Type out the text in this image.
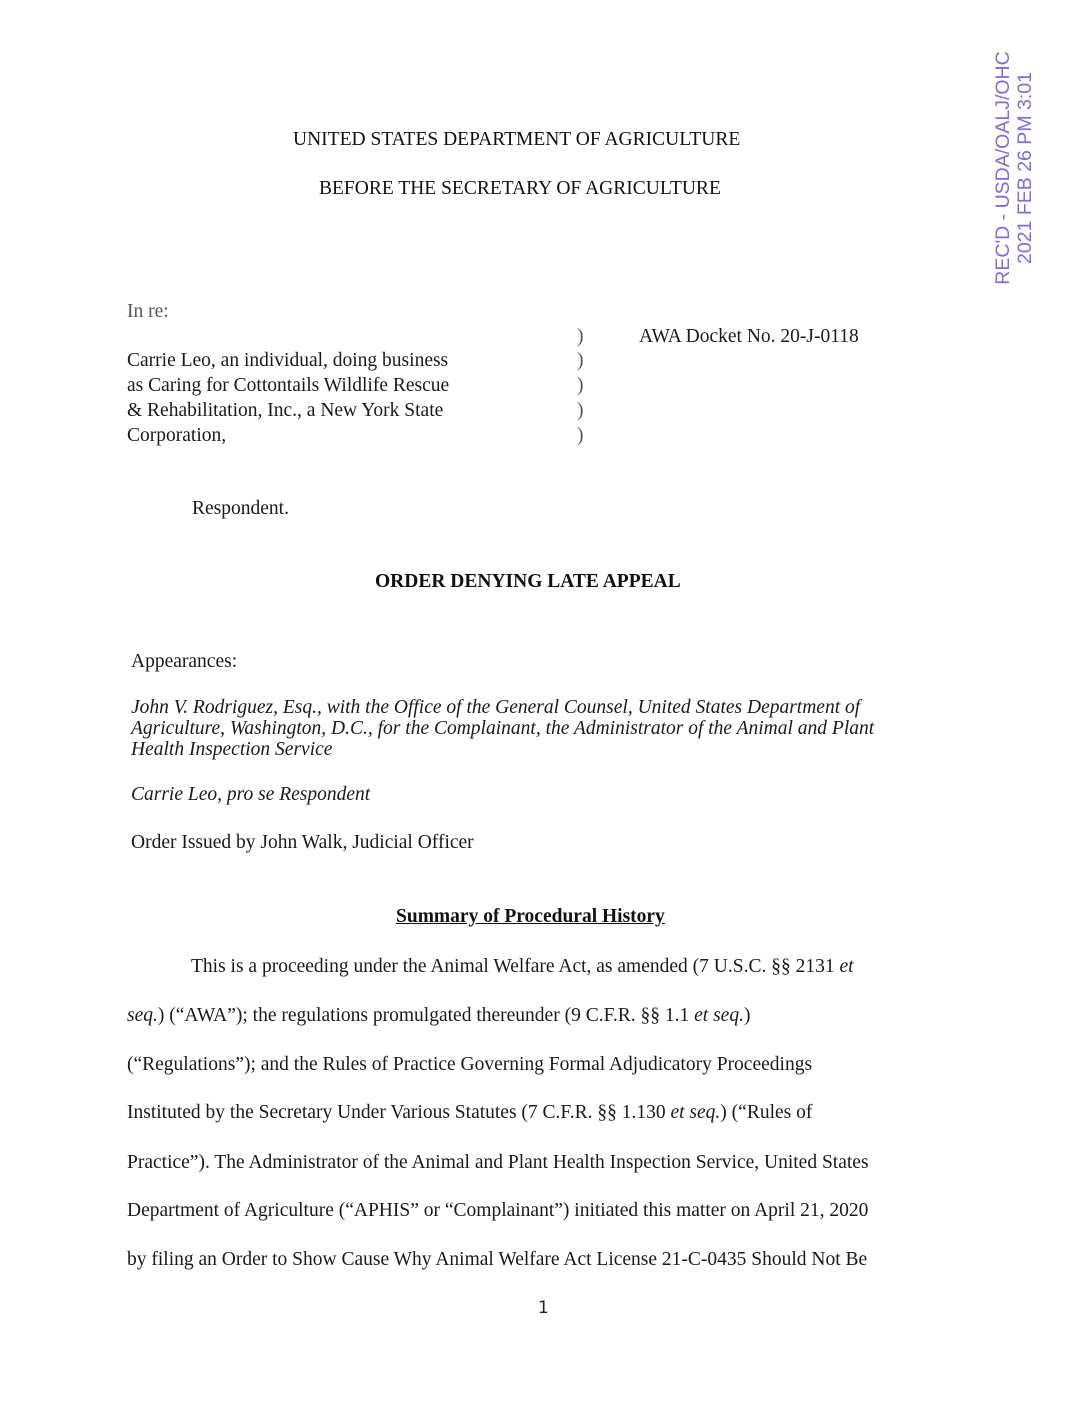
REC'D - USDA/OALJ/OHC 2021 FEB 26 PM 3:01
UNITED STATES DEPARTMENT OF AGRICULTURE
BEFORE THE SECRETARY OF AGRICULTURE
In re:
Carrie Leo, an individual, doing business
as Caring for Cottontails Wildlife Rescue
& Rehabilitation, Inc., a New York State
Corporation,
)
)
)
)
)
AWA Docket No. 20-J-0118
Respondent.
ORDER DENYING LATE APPEAL
Appearances:
John V. Rodriguez, Esq., with the Office of the General Counsel, United States Department of
Agriculture, Washington, D.C., for the Complainant, the Administrator of the Animal and Plant
Health Inspection Service
Carrie Leo, pro se Respondent
Order Issued by John Walk, Judicial Officer
Summary of Procedural History
This is a proceeding under the Animal Welfare Act, as amended (7 U.S.C. §§ 2131 et
seq.) (“AWA”); the regulations promulgated thereunder (9 C.F.R. §§ 1.1 et seq.)
(“Regulations”); and the Rules of Practice Governing Formal Adjudicatory Proceedings
Instituted by the Secretary Under Various Statutes (7 C.F.R. §§ 1.130 et seq.) (“Rules of
Practice”). The Administrator of the Animal and Plant Health Inspection Service, United States
Department of Agriculture (“APHIS” or “Complainant”) initiated this matter on April 21, 2020
by filing an Order to Show Cause Why Animal Welfare Act License 21-C-0435 Should Not Be
1
